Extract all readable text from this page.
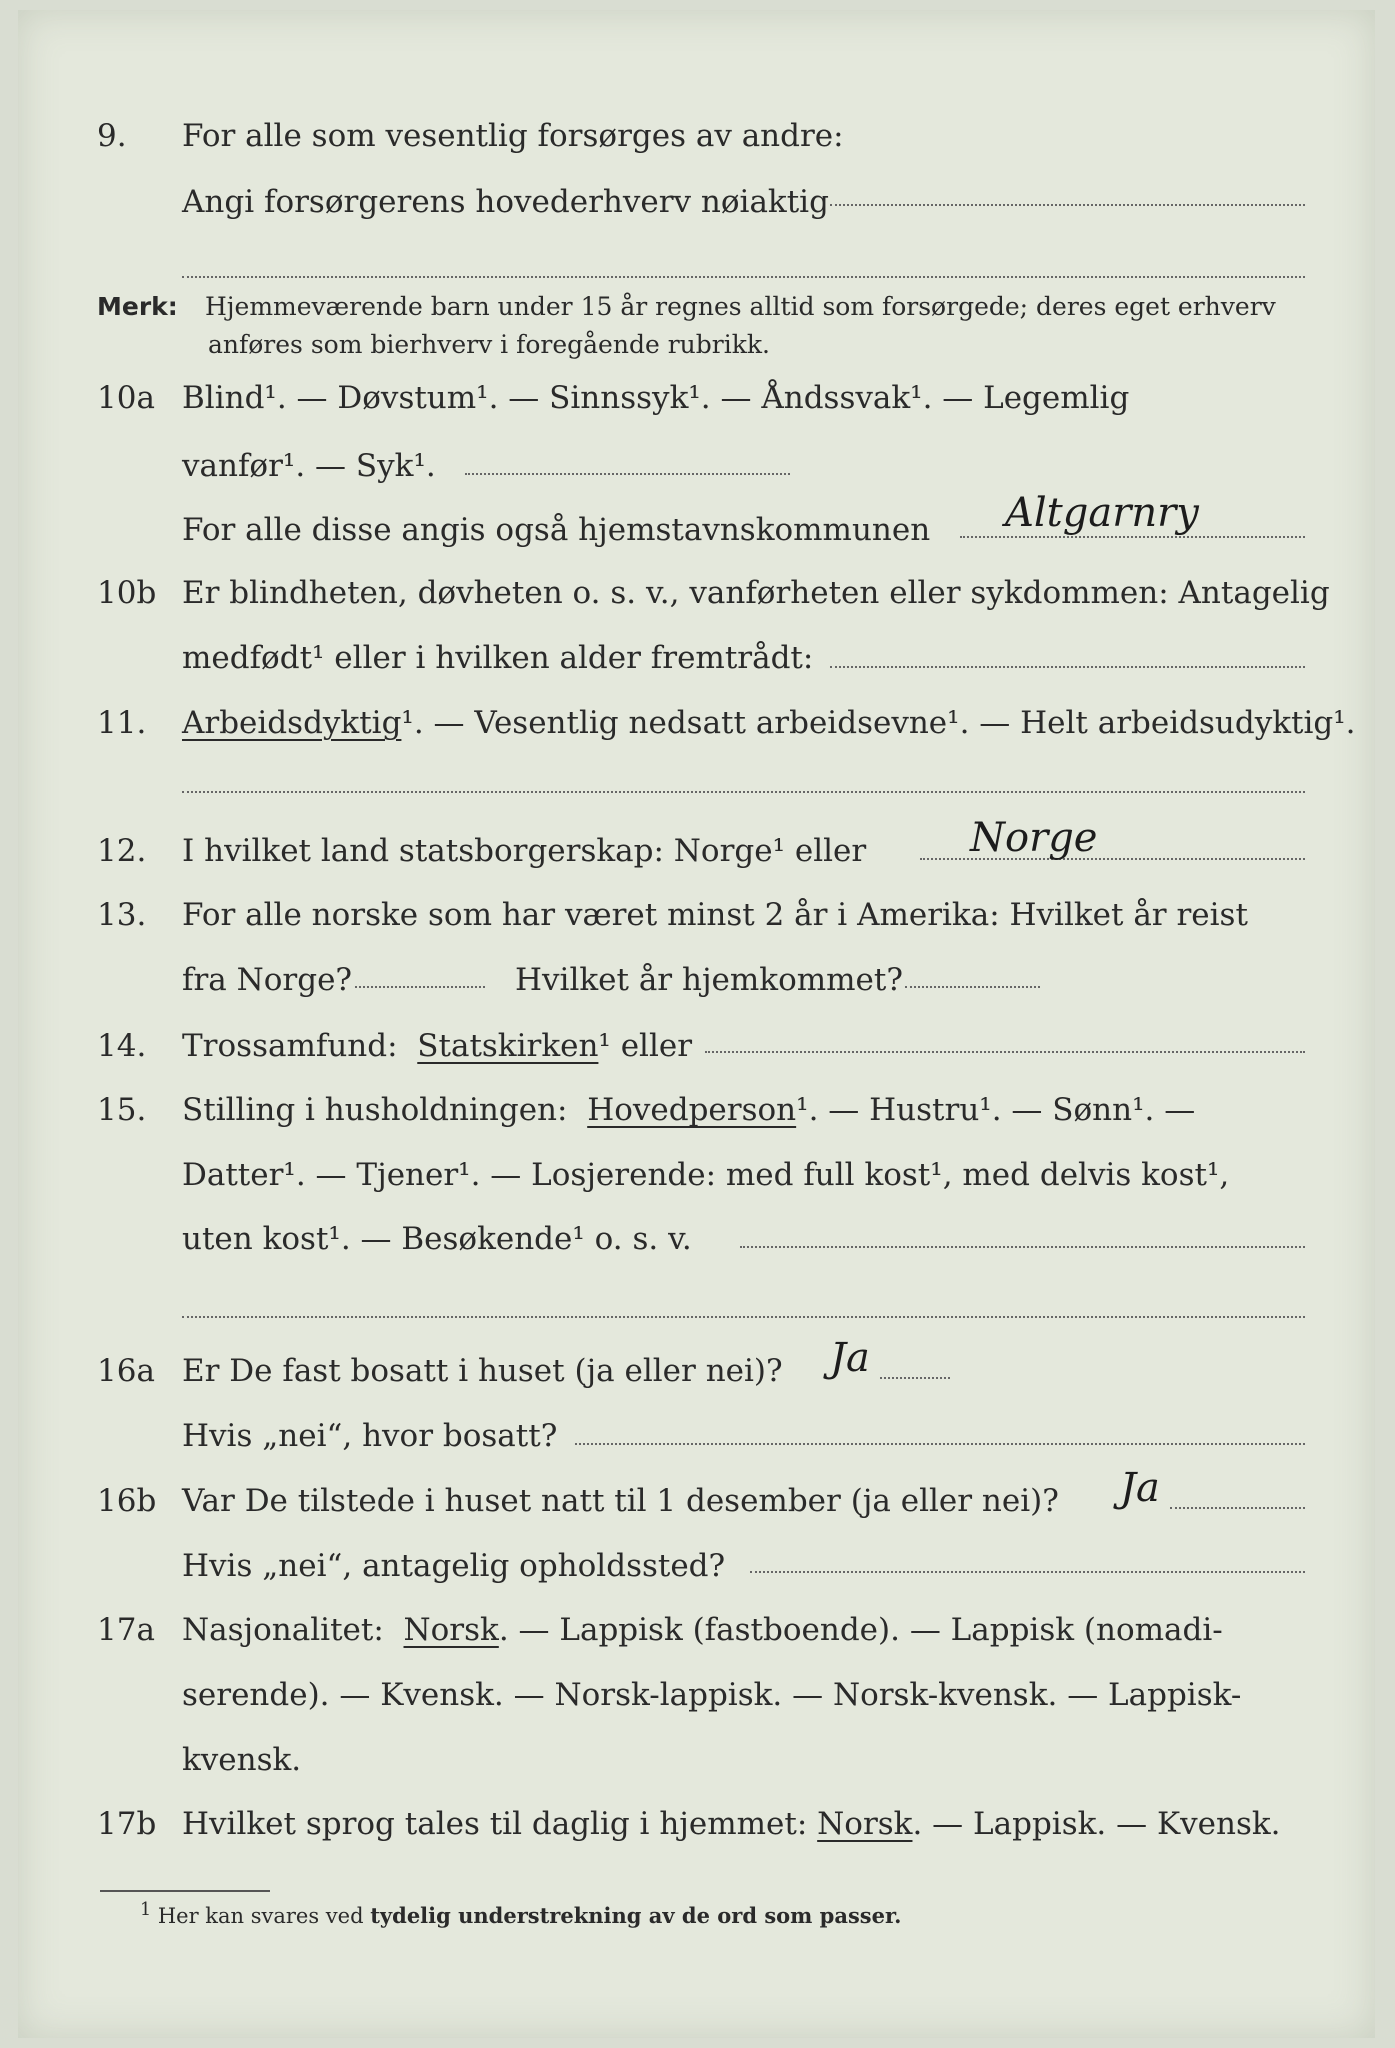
9. For alle som vesentlig forsørges av andre:
Angi forsørgerens hovederhverv nøiaktig
Merk: Hjemmeværende barn under 15 år regnes alltid som forsørgede; deres eget erhverv
anføres som bierhverv i foregående rubrikk.
10a Blind¹. — Døvstum¹. — Sinnssyk¹. — Åndssvak¹. — Legemlig
vanfør¹. — Syk¹.
For alle disse angis også hjemstavnskommunen Altgarnry
10b Er blindheten, døvheten o. s. v., vanførheten eller sykdommen: Antagelig
medfødt¹ eller i hvilken alder fremtrådt:
11. Arbeidsdyktig¹. — Vesentlig nedsatt arbeidsevne¹. — Helt arbeidsudyktig¹.
12. I hvilket land statsborgerskap: Norge¹ eller	Norge
13. For alle norske som har været minst 2 år i Amerika: Hvilket år reist
fra Norge?	Hvilket år hjemkommet?
14. Trossamfund: Statskirken¹ eller
15. Stilling i husholdningen: Hovedperson¹. — Hustru¹. — Sønn¹. —
Datter¹. — Tjener¹. — Losjerende: med full kost¹, med delvis kost¹,
uten kost¹. — Besøkende¹ o. s. v.
16a Er De fast bosatt i huset (ja eller nei)? Ja
Hvis „nei“, hvor bosatt?
16b Var De tilstede i huset natt til 1 desember (ja eller nei)? Ja
Hvis „nei“, antagelig opholdssted?
17a Nasjonalitet: Norsk. — Lappisk (fastboende). — Lappisk (nomadi-
serende). — Kvensk. — Norsk-lappisk. — Norsk-kvensk. — Lappisk-
kvensk.
17b Hvilket sprog tales til daglig i hjemmet: Norsk. — Lappisk. — Kvensk.
$^1$ Her kan svares ved tydelig understrekning av de ord som passer.
